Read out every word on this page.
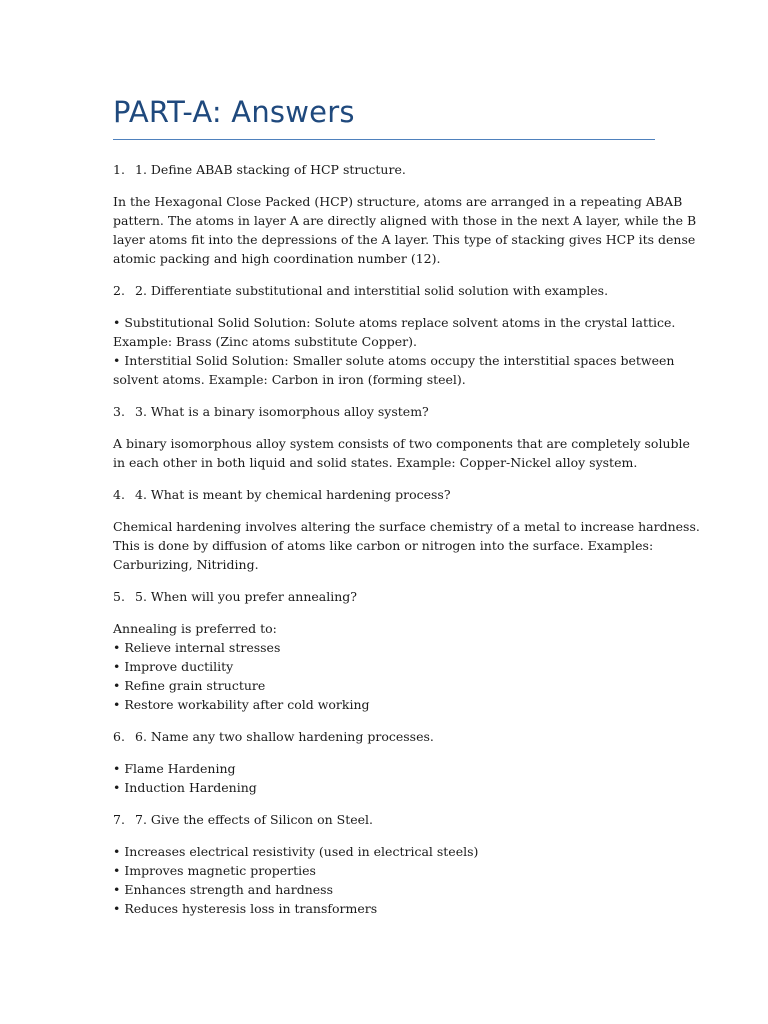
PART-A: Answers

1. 1. Define ABAB stacking of HCP structure.

In the Hexagonal Close Packed (HCP) structure, atoms are arranged in a repeating ABAB
pattern. The atoms in layer A are directly aligned with those in the next A layer, while the B
layer atoms fit into the depressions of the A layer. This type of stacking gives HCP its dense
atomic packing and high coordination number (12).

2. 2. Differentiate substitutional and interstitial solid solution with examples.

• Substitutional Solid Solution: Solute atoms replace solvent atoms in the crystal lattice.
Example: Brass (Zinc atoms substitute Copper).
• Interstitial Solid Solution: Smaller solute atoms occupy the interstitial spaces between
solvent atoms. Example: Carbon in iron (forming steel).

3. 3. What is a binary isomorphous alloy system?

A binary isomorphous alloy system consists of two components that are completely soluble
in each other in both liquid and solid states. Example: Copper-Nickel alloy system.

4. 4. What is meant by chemical hardening process?

Chemical hardening involves altering the surface chemistry of a metal to increase hardness.
This is done by diffusion of atoms like carbon or nitrogen into the surface. Examples:
Carburizing, Nitriding.

5. 5. When will you prefer annealing?

Annealing is preferred to:
• Relieve internal stresses
• Improve ductility
• Refine grain structure
• Restore workability after cold working

6. 6. Name any two shallow hardening processes.

• Flame Hardening
• Induction Hardening

7. 7. Give the effects of Silicon on Steel.

• Increases electrical resistivity (used in electrical steels)
• Improves magnetic properties
• Enhances strength and hardness
• Reduces hysteresis loss in transformers
